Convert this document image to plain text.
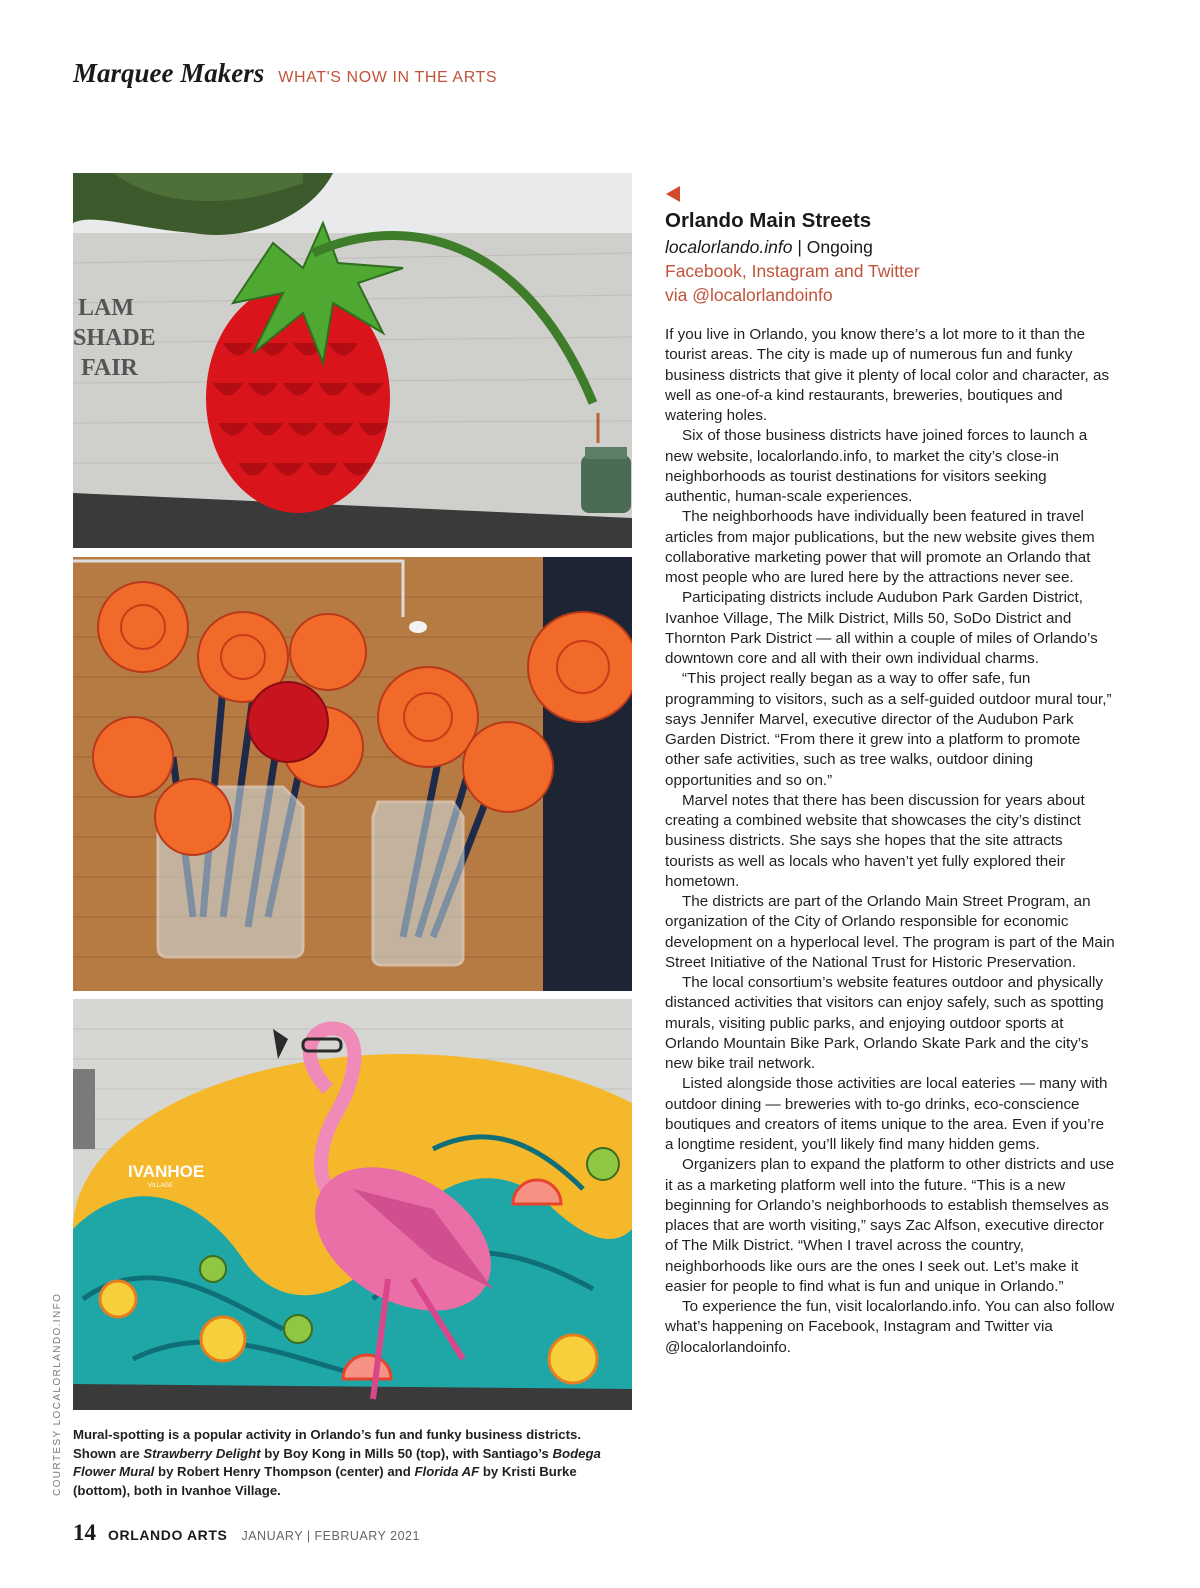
Marquee Makers WHAT'S NOW IN THE ARTS
LAM
SHADE
FAIR
IVANHOE
VILLAGE
COURTESY LOCALORLANDO.INFO Mural-spotting is a popular activity in Orlando’s fun and funky business districts. Shown are Strawberry Delight by Boy Kong in Mills 50 (top), with Santiago’s Bodega Flower Mural by Robert Henry Thompson (center) and Florida AF by Kristi Burke (bottom), both in Ivanhoe Village.
Orlando Main Streets
localorlando.info | Ongoing
Facebook, Instagram and Twitter
via @localorlandoinfo

If you live in Orlando, you know there’s a lot more to it than the tourist areas. The city is made up of numerous fun and funky business districts that give it plenty of local color and character, as well as one-of-a kind restaurants, breweries, boutiques and watering holes.

Six of those business districts have joined forces to launch a new website, localorlando.info, to market the city’s close-in neighborhoods as tourist destinations for visitors seeking authentic, human-scale experiences.

The neighborhoods have individually been featured in travel articles from major publications, but the new website gives them collaborative marketing power that will promote an Orlando that most people who are lured here by the attractions never see.

Participating districts include Audubon Park Garden District, Ivanhoe Village, The Milk District, Mills 50, SoDo District and Thornton Park District — all within a couple of miles of Orlando’s downtown core and all with their own individual charms.

“This project really began as a way to offer safe, fun programming to visitors, such as a self-guided outdoor mural tour,” says Jennifer Marvel, executive director of the Audubon Park Garden District. “From there it grew into a platform to promote other safe activities, such as tree walks, outdoor dining opportunities and so on.”

Marvel notes that there has been discussion for years about creating a combined website that showcases the city’s distinct business districts. She says she hopes that the site attracts tourists as well as locals who haven’t yet fully explored their hometown.

The districts are part of the Orlando Main Street Program, an organization of the City of Orlando responsible for economic development on a hyperlocal level. The program is part of the Main Street Initiative of the National Trust for Historic Preservation.

The local consortium’s website features outdoor and physically distanced activities that visitors can enjoy safely, such as spotting murals, visiting public parks, and enjoying outdoor sports at Orlando Mountain Bike Park, Orlando Skate Park and the city’s new bike trail network.

Listed alongside those activities are local eateries — many with outdoor dining — breweries with to-go drinks, eco-conscience boutiques and creators of items unique to the area. Even if you’re a longtime resident, you’ll likely find many hidden gems.

Organizers plan to expand the platform to other districts and use it as a marketing platform well into the future. “This is a new beginning for Orlando’s neighborhoods to establish themselves as places that are worth visiting,” says Zac Alfson, executive director of The Milk District. “When I travel across the country, neighborhoods like ours are the ones I seek out. Let’s make it easier for people to find what is fun and unique in Orlando.”

To experience the fun, visit localorlando.info. You can also follow what’s happening on Facebook, Instagram and Twitter via @localorlandoinfo.

14 ORLANDO ARTS JANUARY | FEBRUARY 2021
